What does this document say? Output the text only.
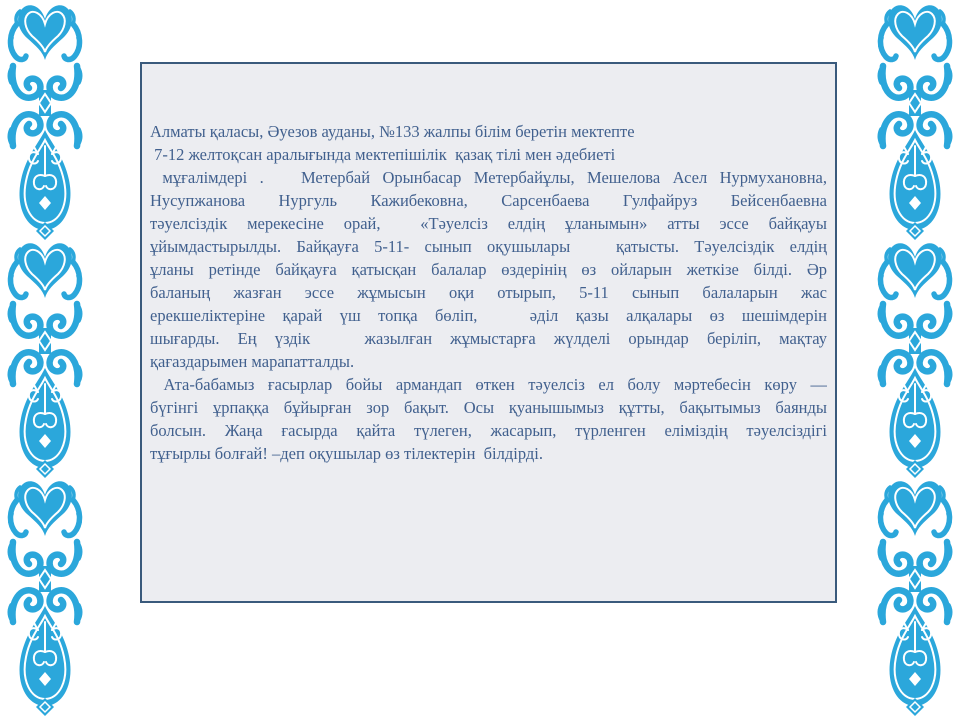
Алматы қаласы, Әуезов ауданы, №133 жалпы білім беретін мектепте
7-12 желтоқсан аралығында мектепішілік  қазақ тілі мен әдебиеті
мұғалімдері .   Метербай Орынбасар Метербайұлы, Мешелова Асел Нурмухановна,
Нусупжанова Нургуль Кажибековна, Сарсенбаева Гулфайруз Бейсенбаевна
тәуелсіздік мерекесіне орай,  «Тәуелсіз елдің ұланымын» атты эссе байқауы
ұйымдастырылды. Байқауға 5-11- сынып оқушылары   қатысты. Тәуелсіздік елдің
ұланы ретінде байқауға қатысқан балалар өздерінің өз ойларын жеткізе білді. Әр
баланың жазған эссе жұмысын оқи отырып, 5-11 сынып балаларын жас
ерекшеліктеріне қарай үш топқа бөліп,   әділ қазы алқалары өз шешімдерін
шығарды. Ең үздік   жазылған жұмыстарға жүлделі орындар беріліп, мақтау
қағаздарымен марапатталды.
Ата-бабамыз ғасырлар бойы армандап өткен тәуелсіз ел болу мәртебесін көру —
бүгінгі ұрпаққа бұйырған зор бақыт. Осы қуанышымыз құтты, бақытымыз баянды
болсын. Жаңа ғасырда қайта түлеген, жасарып, түрленген еліміздің тәуелсіздігі
тұғырлы болғай! –деп оқушылар өз тілектерін  білдірді.
